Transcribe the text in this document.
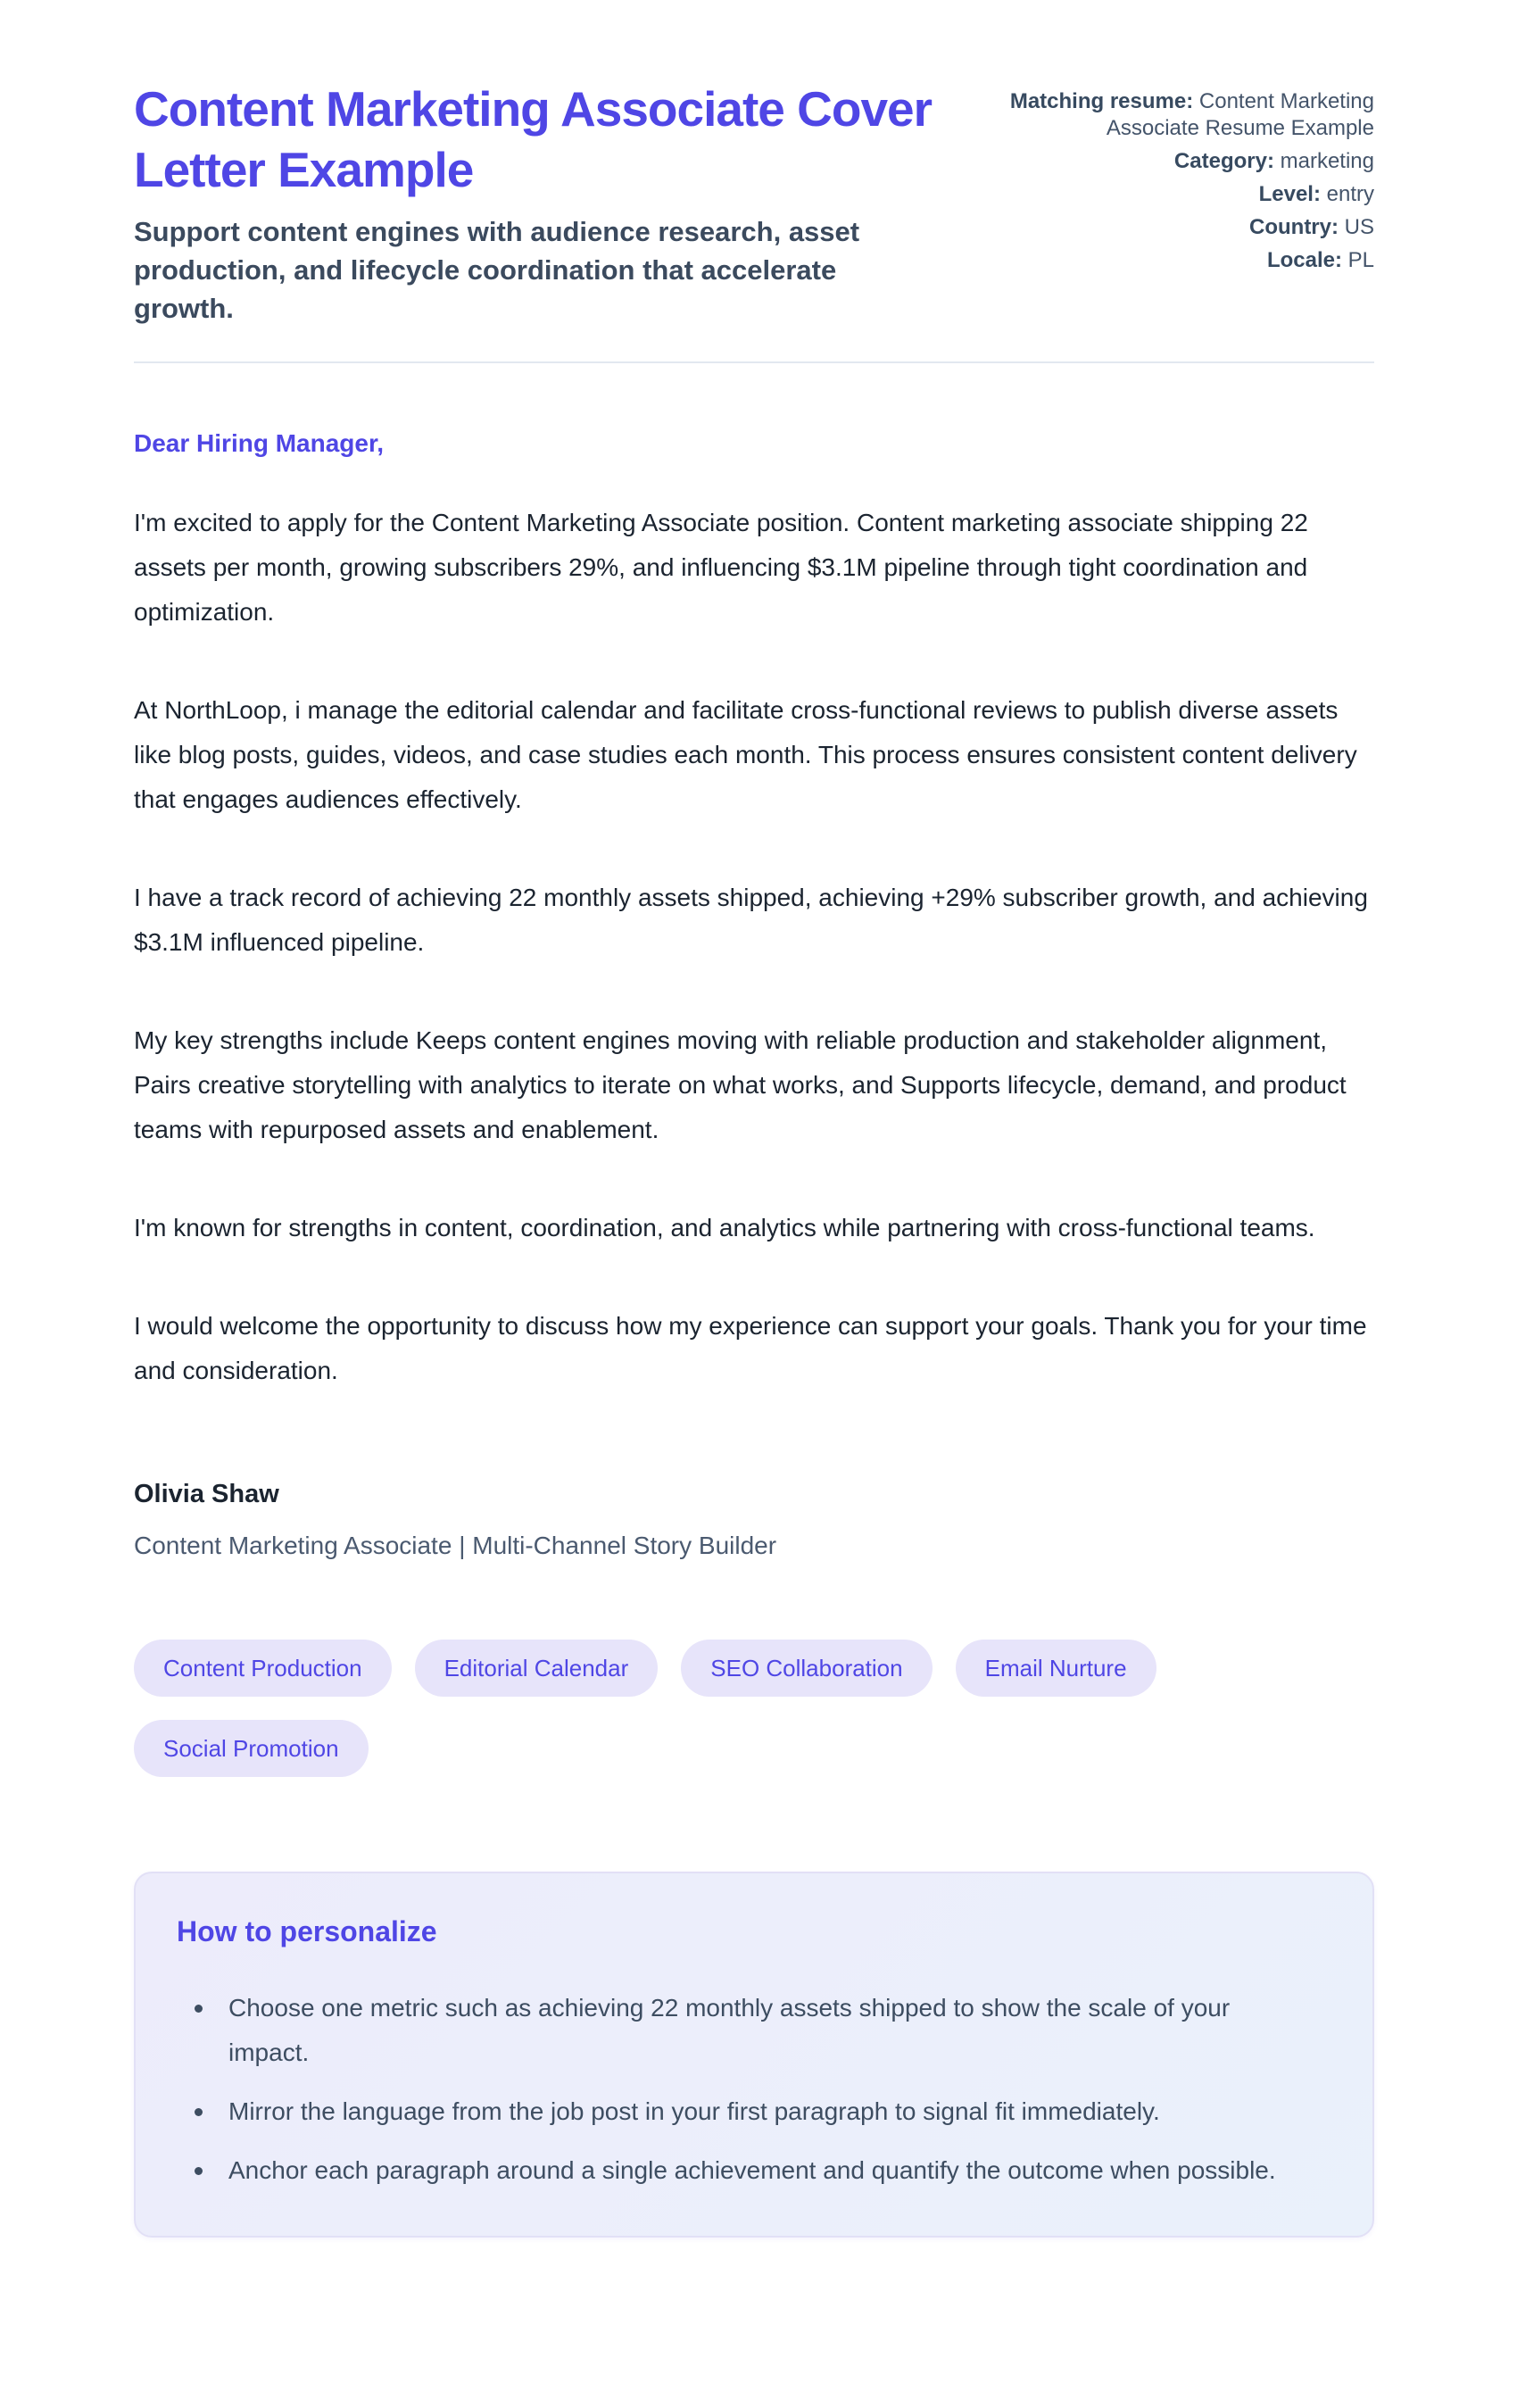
Content Marketing Associate Cover Letter Example
Support content engines with audience research, asset production, and lifecycle coordination that accelerate growth.
Matching resume: Content Marketing Associate Resume Example
Category: marketing
Level: entry
Country: US
Locale: PL
Dear Hiring Manager,

I'm excited to apply for the Content Marketing Associate position. Content marketing associate shipping 22 assets per month, growing subscribers 29%, and influencing $3.1M pipeline through tight coordination and optimization.

At NorthLoop, i manage the editorial calendar and facilitate cross-functional reviews to publish diverse assets like blog posts, guides, videos, and case studies each month. This process ensures consistent content delivery that engages audiences effectively.

I have a track record of achieving 22 monthly assets shipped, achieving +29% subscriber growth, and achieving $3.1M influenced pipeline.

My key strengths include Keeps content engines moving with reliable production and stakeholder alignment, Pairs creative storytelling with analytics to iterate on what works, and Supports lifecycle, demand, and product teams with repurposed assets and enablement.

I'm known for strengths in content, coordination, and analytics while partnering with cross-functional teams.

I would welcome the opportunity to discuss how my experience can support your goals. Thank you for your time and consideration.

Olivia Shaw
Content Marketing Associate | Multi-Channel Story Builder
Content Production	Editorial Calendar	SEO Collaboration	Email Nurture
Social Promotion
How to personalize
Choose one metric such as achieving 22 monthly assets shipped to show the scale of your impact.
Mirror the language from the job post in your first paragraph to signal fit immediately.
Anchor each paragraph around a single achievement and quantify the outcome when possible.
